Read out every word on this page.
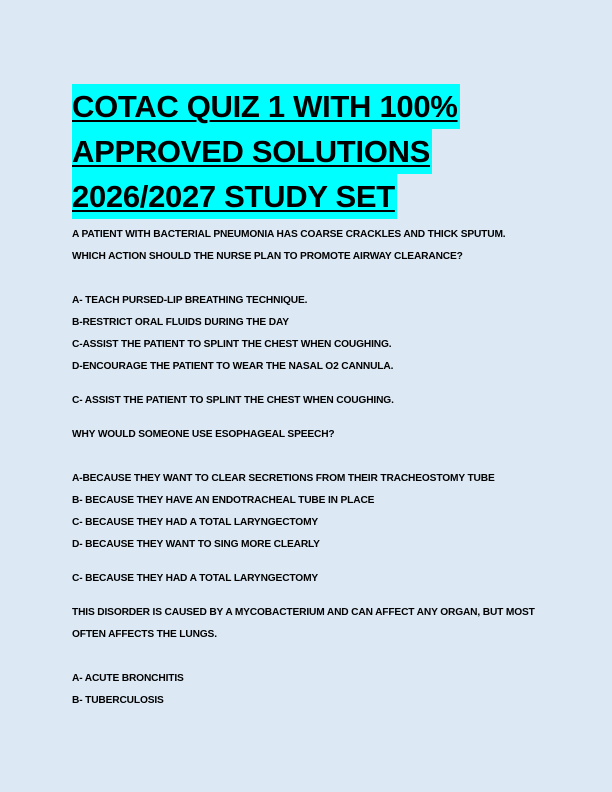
COTAC QUIZ 1 WITH 100%
APPROVED SOLUTIONS
2026/2027 STUDY SET

A PATIENT WITH BACTERIAL PNEUMONIA HAS COARSE CRACKLES AND THICK SPUTUM.

WHICH ACTION SHOULD THE NURSE PLAN TO PROMOTE AIRWAY CLEARANCE?

A- TEACH PURSED-LIP BREATHING TECHNIQUE.

B-RESTRICT ORAL FLUIDS DURING THE DAY

C-ASSIST THE PATIENT TO SPLINT THE CHEST WHEN COUGHING.

D-ENCOURAGE THE PATIENT TO WEAR THE NASAL O2 CANNULA.

C- ASSIST THE PATIENT TO SPLINT THE CHEST WHEN COUGHING.

WHY WOULD SOMEONE USE ESOPHAGEAL SPEECH?

A-BECAUSE THEY WANT TO CLEAR SECRETIONS FROM THEIR TRACHEOSTOMY TUBE

B- BECAUSE THEY HAVE AN ENDOTRACHEAL TUBE IN PLACE

C- BECAUSE THEY HAD A TOTAL LARYNGECTOMY

D- BECAUSE THEY WANT TO SING MORE CLEARLY

C- BECAUSE THEY HAD A TOTAL LARYNGECTOMY

THIS DISORDER IS CAUSED BY A MYCOBACTERIUM AND CAN AFFECT ANY ORGAN, BUT MOST

OFTEN AFFECTS THE LUNGS.

A- ACUTE BRONCHITIS

B- TUBERCULOSIS
